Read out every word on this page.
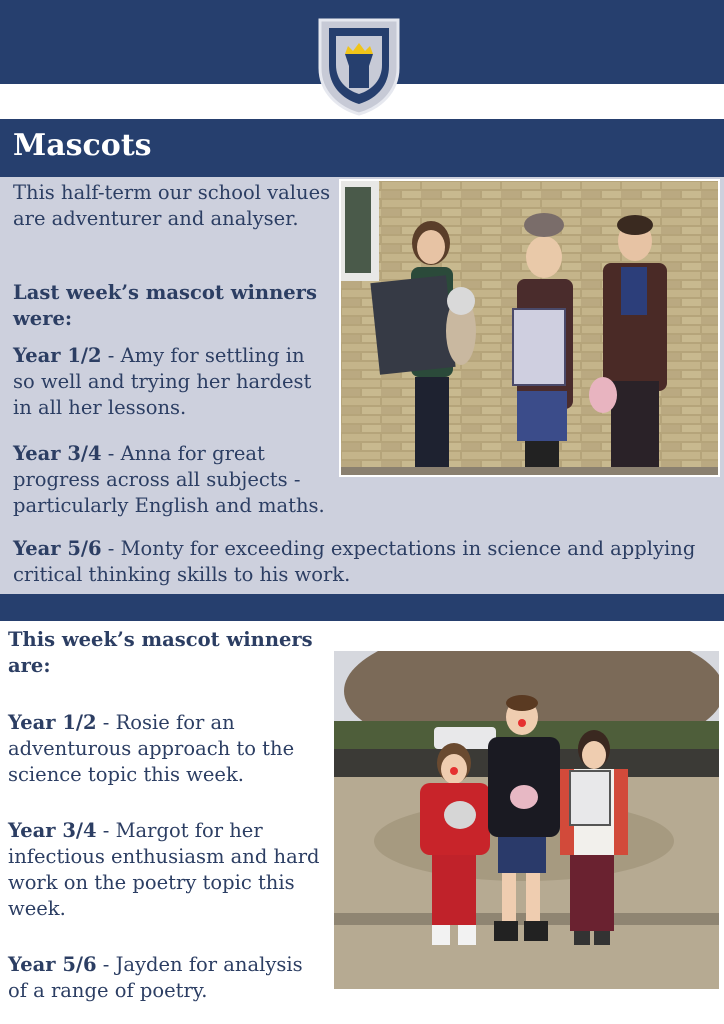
Mascots

This half-term our school values are adventurer and analyser.

Last week’s mascot winners were:

Year 1/2 - Amy for settling in so well and trying her hardest in all her lessons.

Year 3/4 - Anna for great progress across all subjects - particularly English and maths.

Year 5/6 - Monty for exceeding expectations in science and applying critical thinking skills to his work.

This week’s mascot winners are:

Year 1/2 - Rosie for an adventurous approach to the science topic this week.

Year 3/4 - Margot for her infectious enthusiasm and hard work on the poetry topic this week.

Year 5/6 - Jayden for analysis of a range of poetry.
